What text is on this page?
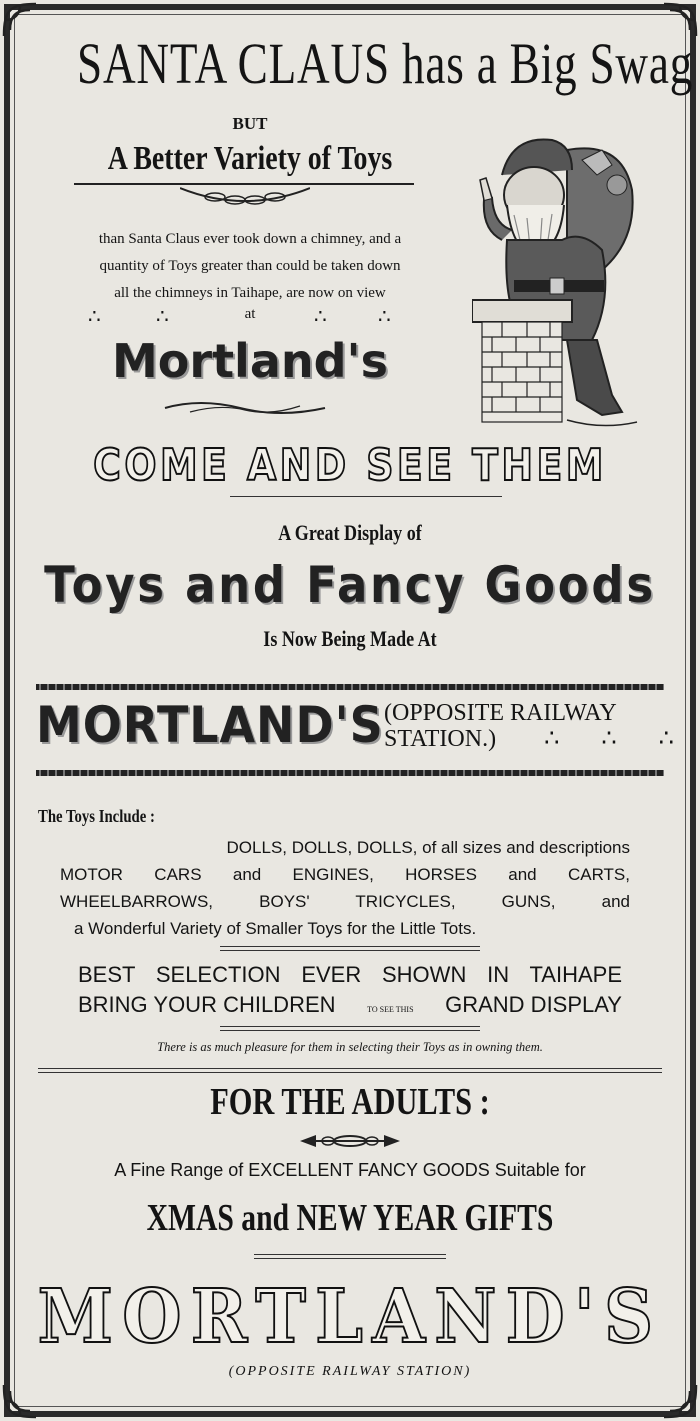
SANTA CLAUS has a Big Swag
BUT
A Better Variety of Toys
than Santa Claus ever took down a chimney, and a
quantity of Toys greater than could be taken down
all the chimneys in Taihape, are now on view
∴	∴	at	∴ ∴
Mortland's
COME AND SEE THEM
A Great Display of
Toys and Fancy Goods
Is Now Being Made At
MORTLAND'S (OPPOSITE RAILWAY
STATION.)  ∴ ∴ ∴
The Toys Include :
DOLLS, DOLLS, DOLLS, of all sizes and descriptions
MOTOR CARS and ENGINES, HORSES and CARTS,
WHEELBARROWS, BOYS' TRICYCLES, GUNS, and
a Wonderful Variety of Smaller Toys for the Little Tots.
BEST SELECTION EVER SHOWN IN TAIHAPE
BRING YOUR CHILDREN	TO SEE THIS GRAND DISPLAY
There is as much pleasure for them in selecting their Toys as in owning them.
FOR THE ADULTS :
A Fine Range of EXCELLENT FANCY GOODS Suitable for
XMAS and NEW YEAR GIFTS
MORTLAND'S
(OPPOSITE RAILWAY STATION)
